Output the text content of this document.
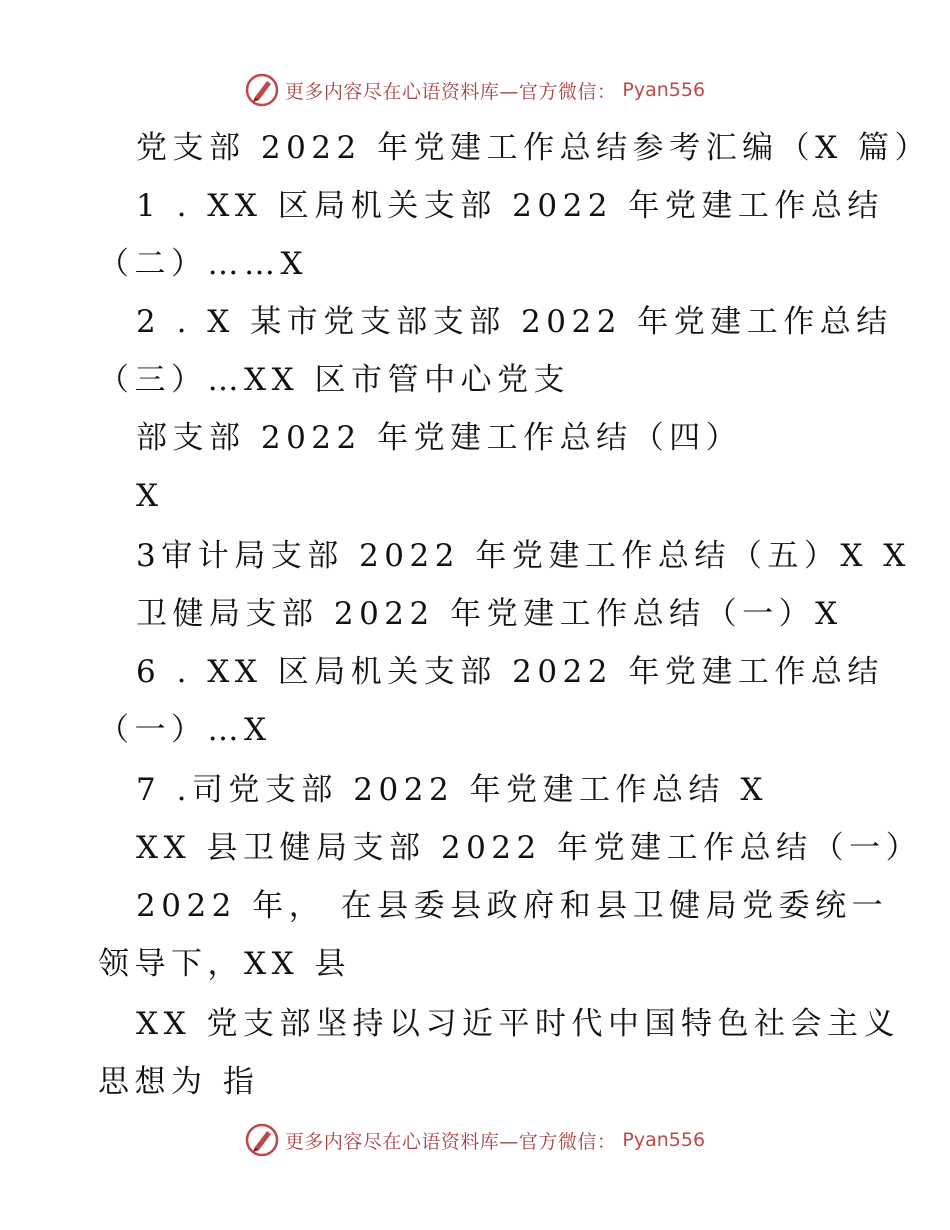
更多内容尽在心语资料库—官方微信： Pyan556
党支部 2022 年党建工作总结参考汇编（X 篇）
1 . XX 区局机关支部 2022 年党建工作总结
（二）……X
2 . X 某市党支部支部 2022 年党建工作总结
（三）…XX 区市管中心党支
部支部 2022 年党建工作总结（四）
X
3审计局支部 2022 年党建工作总结（五）X X
卫健局支部 2022 年党建工作总结（一）X
6 . XX 区局机关支部 2022 年党建工作总结
（一）…X
7 .司党支部 2022 年党建工作总结 X
XX 县卫健局支部 2022 年党建工作总结（一）
2022 年， 在县委县政府和县卫健局党委统一
领导下，XX 县
XX 党支部坚持以习近平时代中国特色社会主义
思想为 指
更多内容尽在心语资料库—官方微信： Pyan556
